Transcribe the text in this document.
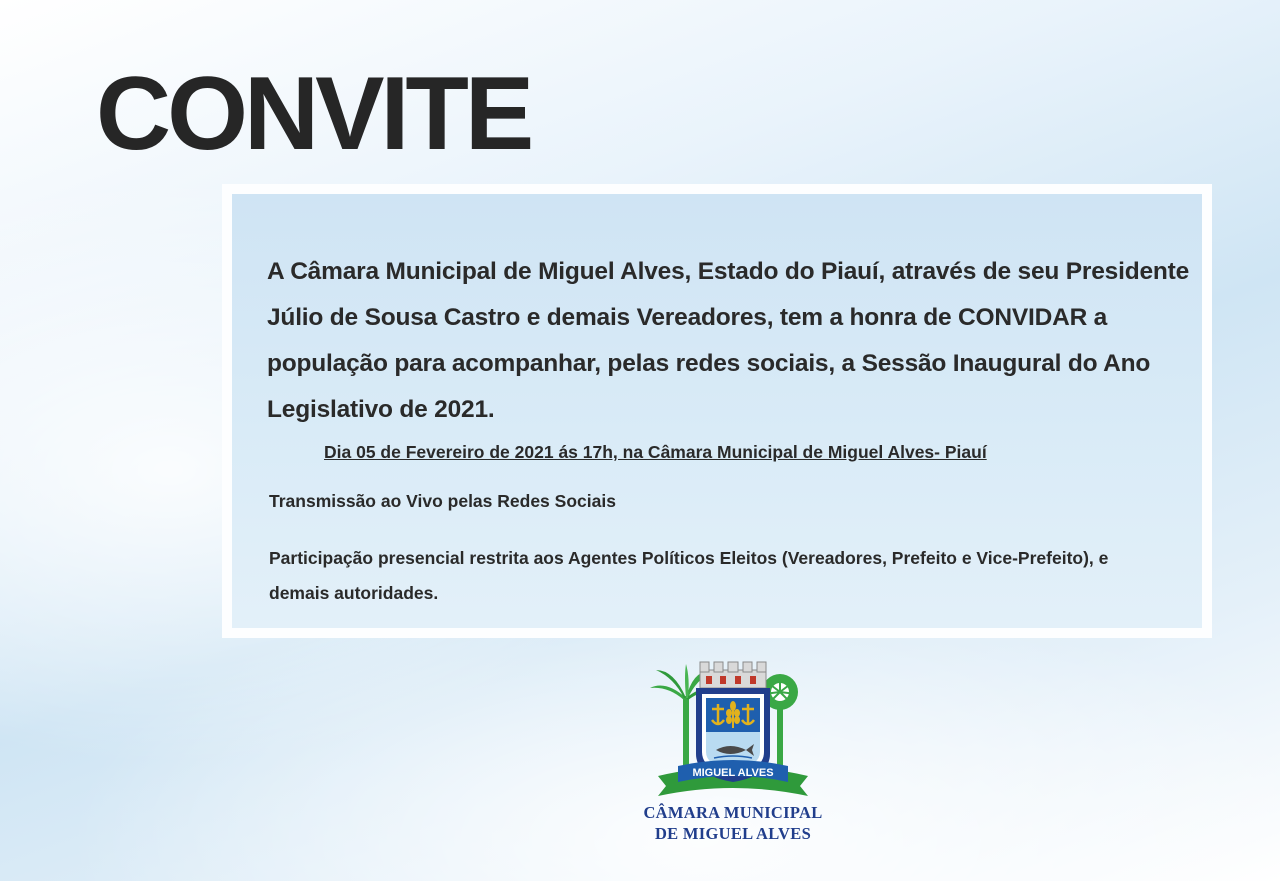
CONVITE

A Câmara Municipal de Miguel Alves, Estado do Piauí, através de seu Presidente Júlio de Sousa Castro e demais Vereadores, tem a honra de CONVIDAR a população para acompanhar, pelas redes sociais, a Sessão Inaugural do Ano Legislativo de 2021.

Dia 05 de Fevereiro de 2021 ás 17h, na Câmara Municipal de Miguel Alves- Piauí

Transmissão ao Vivo pelas Redes Sociais

Participação presencial restrita aos Agentes Políticos Eleitos (Vereadores, Prefeito e Vice-Prefeito), e demais autoridades.

MIGUEL ALVES
CÂMARA MUNICIPAL
DE MIGUEL ALVES
